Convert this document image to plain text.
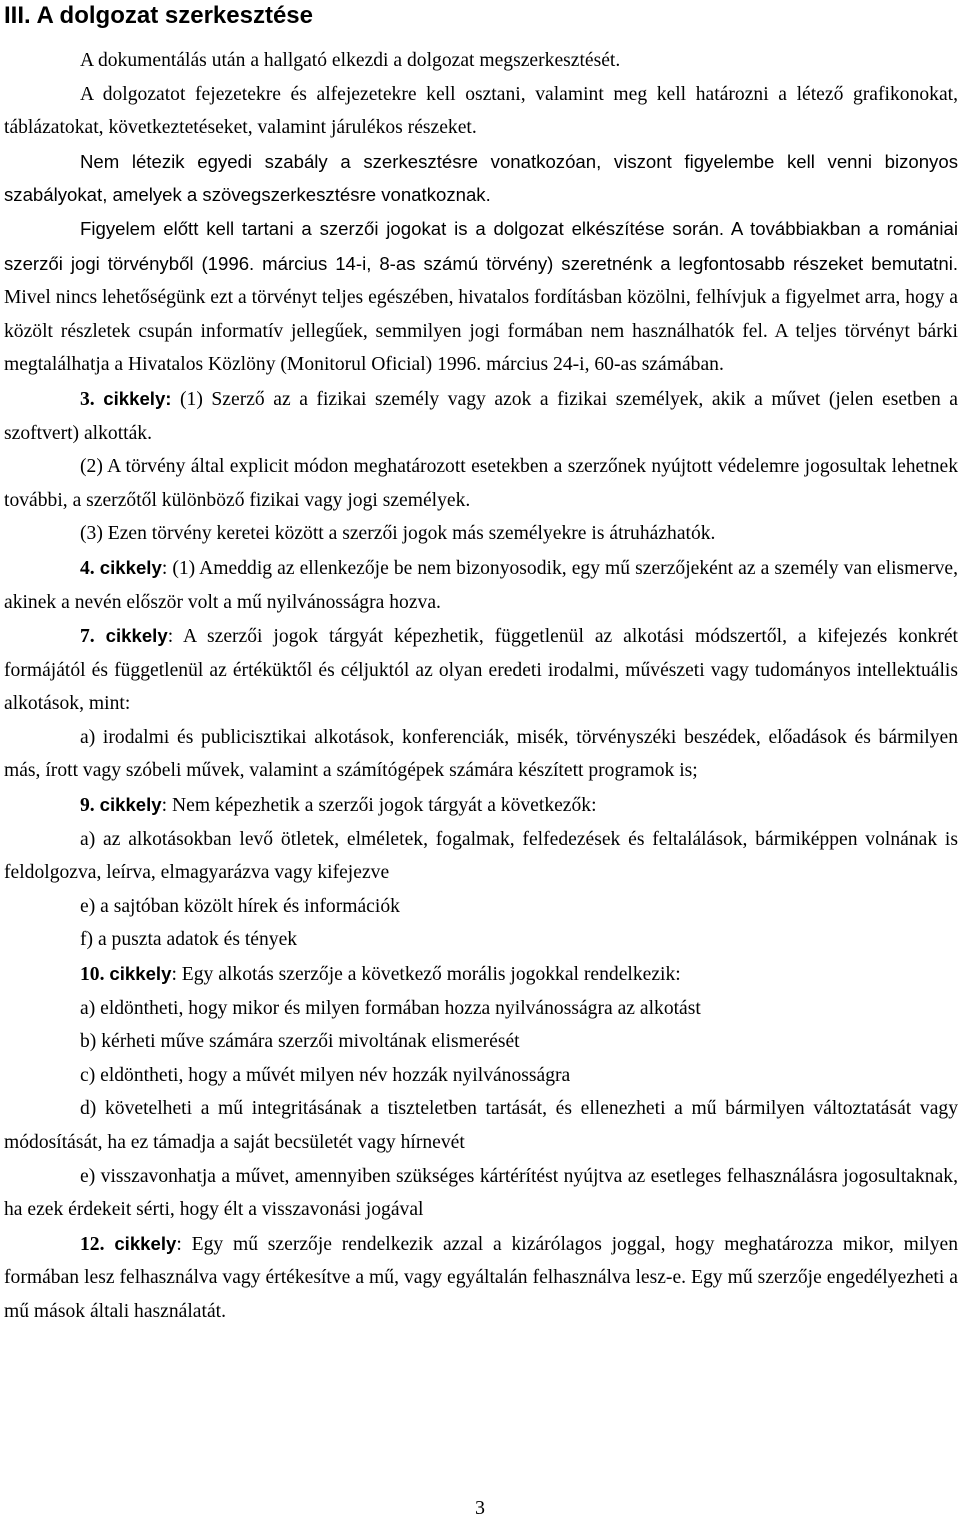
III. A dolgozat szerkesztése

A dokumentálás után a hallgató elkezdi a dolgozat megszerkesztését.

A dolgozatot fejezetekre és alfejezetekre kell osztani, valamint meg kell határozni a létező grafikonokat, táblázatokat, következtetéseket, valamint járulékos részeket.

Nem létezik egyedi szabály a szerkesztésre vonatkozóan, viszont figyelembe kell venni bizonyos szabályokat, amelyek a szövegszerkesztésre vonatkoznak.

Figyelem előtt kell tartani a szerzői jogokat is a dolgozat elkészítése során. A továbbiakban a romániai szerzői jogi törvényből (1996. március 14-i, 8-as számú törvény) szeretnénk a legfontosabb részeket bemutatni. Mivel nincs lehetőségünk ezt a törvényt teljes egészében, hivatalos fordításban közölni, felhívjuk a figyelmet arra, hogy a közölt részletek csupán informatív jellegűek, semmilyen jogi formában nem használhatók fel. A teljes törvényt bárki megtalálhatja a Hivatalos Közlöny (Monitorul Oficial) 1996. március 24-i, 60-as számában.

3. cikkely: (1) Szerző az a fizikai személy vagy azok a fizikai személyek, akik a művet (jelen esetben a szoftvert) alkották.

(2) A törvény által explicit módon meghatározott esetekben a szerzőnek nyújtott védelemre jogosultak lehetnek további, a szerzőtől különböző fizikai vagy jogi személyek.

(3) Ezen törvény keretei között a szerzői jogok más személyekre is átruházhatók.

4. cikkely: (1) Ameddig az ellenkezője be nem bizonyosodik, egy mű szerzőjeként az a személy van elismerve, akinek a nevén először volt a mű nyilvánosságra hozva.

7. cikkely: A szerzői jogok tárgyát képezhetik, függetlenül az alkotási módszertől, a kifejezés konkrét formájától és függetlenül az értéküktől és céljuktól az olyan eredeti irodalmi, művészeti vagy tudományos intellektuális alkotások, mint:

a) irodalmi és publicisztikai alkotások, konferenciák, misék, törvényszéki beszédek, előadások és bármilyen más, írott vagy szóbeli művek, valamint a számítógépek számára készített programok is;

9. cikkely: Nem képezhetik a szerzői jogok tárgyát a következők:

a) az alkotásokban levő ötletek, elméletek, fogalmak, felfedezések és feltalálások, bármiképpen volnának is feldolgozva, leírva, elmagyarázva vagy kifejezve

e) a sajtóban közölt hírek és információk

f) a puszta adatok és tények

10. cikkely: Egy alkotás szerzője a következő morális jogokkal rendelkezik:

a) eldöntheti, hogy mikor és milyen formában hozza nyilvánosságra az alkotást

b) kérheti műve számára szerzői mivoltának elismerését

c) eldöntheti, hogy a művét milyen név hozzák nyilvánosságra

d) követelheti a mű integritásának a tiszteletben tartását, és ellenezheti a mű bármilyen változtatását vagy módosítását, ha ez támadja a saját becsületét vagy hírnevét

e) visszavonhatja a művet, amennyiben szükséges kártérítést nyújtva az esetleges felhasználásra jogosultaknak, ha ezek érdekeit sérti, hogy élt a visszavonási jogával

12. cikkely: Egy mű szerzője rendelkezik azzal a kizárólagos joggal, hogy meghatározza mikor, milyen formában lesz felhasználva vagy értékesítve a mű, vagy egyáltalán felhasználva lesz-e. Egy mű szerzője engedélyezheti a mű mások általi használatát.

3
